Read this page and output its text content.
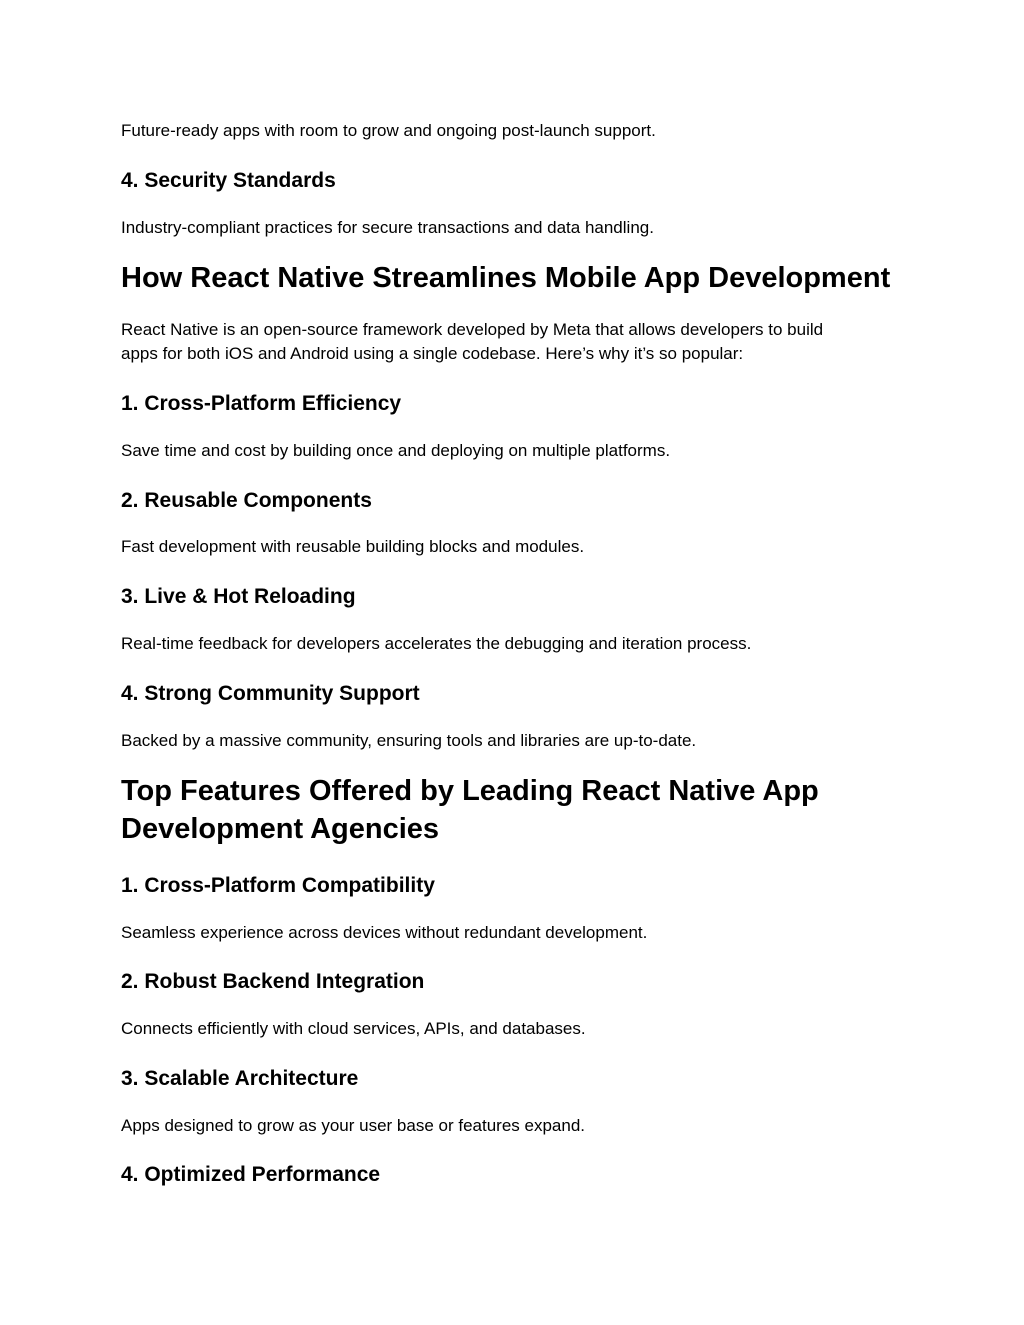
Future-ready apps with room to grow and ongoing post-launch support.

4. Security Standards

Industry-compliant practices for secure transactions and data handling.

How React Native Streamlines Mobile App Development

React Native is an open-source framework developed by Meta that allows developers to build

apps for both iOS and Android using a single codebase. Here’s why it’s so popular:

1. Cross-Platform Efficiency

Save time and cost by building once and deploying on multiple platforms.

2. Reusable Components

Fast development with reusable building blocks and modules.

3. Live & Hot Reloading

Real-time feedback for developers accelerates the debugging and iteration process.

4. Strong Community Support

Backed by a massive community, ensuring tools and libraries are up-to-date.

Top Features Offered by Leading React Native App
Development Agencies
1. Cross-Platform Compatibility

Seamless experience across devices without redundant development.

2. Robust Backend Integration

Connects efficiently with cloud services, APIs, and databases.

3. Scalable Architecture

Apps designed to grow as your user base or features expand.

4. Optimized Performance
